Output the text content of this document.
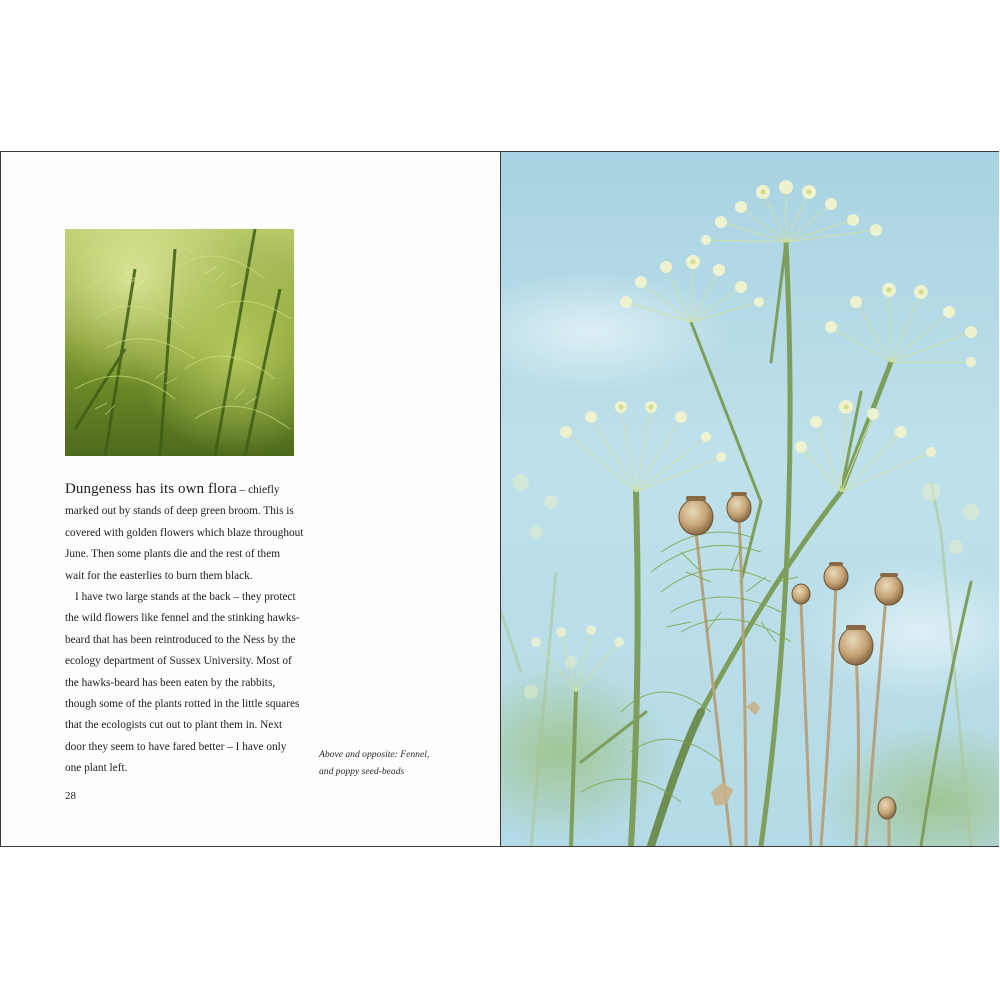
Dungeness has its own flora – chiefly
marked out by stands of deep green broom. This is
covered with golden flowers which blaze throughout
June. Then some plants die and the rest of them
wait for the easterlies to burn them black.

I have two large stands at the back – they protect
the wild flowers like fennel and the stinking hawks-
beard that has been reintroduced to the Ness by the
ecology department of Sussex University. Most of
the hawks-beard has been eaten by the rabbits,
though some of the plants rotted in the little squares
that the ecologists cut out to plant them in. Next
door they seem to have fared better – I have only
one plant left.

Above and opposite: Fennel,
and poppy seed-beads
28
